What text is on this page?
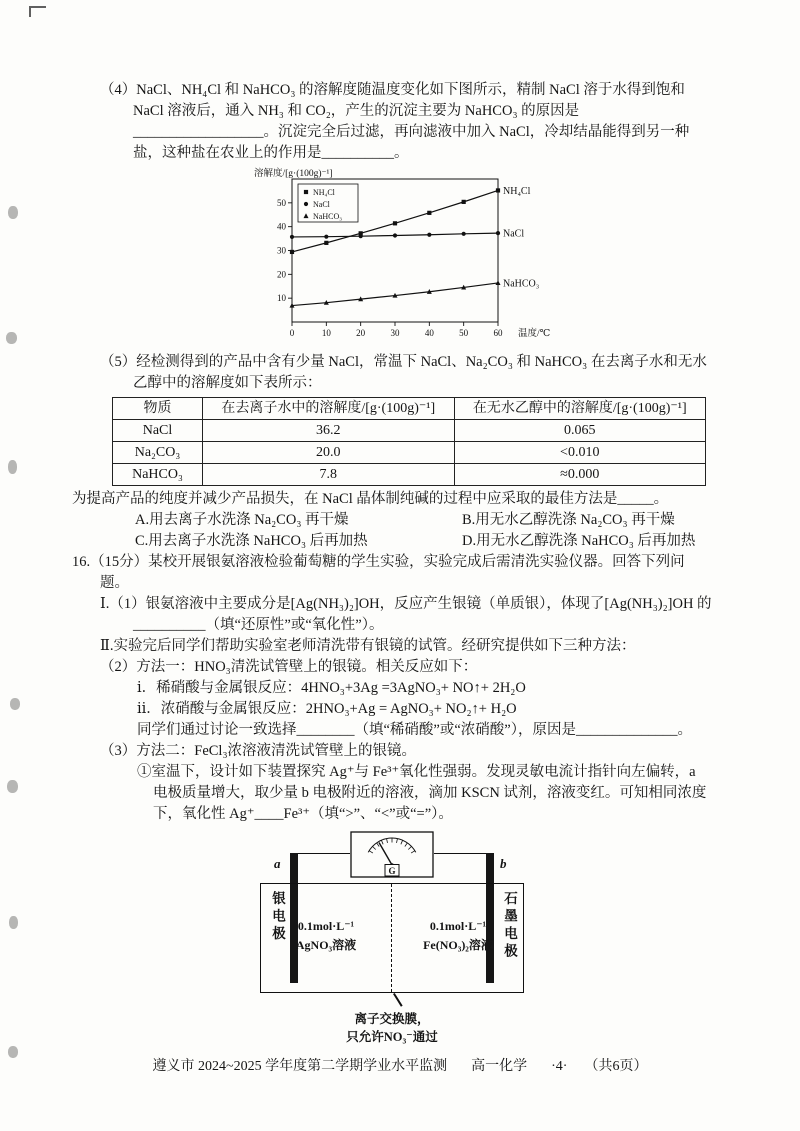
（4）NaCl、NH₄Cl 和 NaHCO₃ 的溶解度随温度变化如下图所示，精制 NaCl 溶于水得到饱和 NaCl 溶液后，通入 NH₃ 和 CO₂，产生的沉淀主要为 NaHCO₃ 的原因是__________________。沉淀完全后过滤，再向滤液中加入 NaCl，冷却结晶能得到另一种盐，这种盐在农业上的作用是__________。

10
20
30
40
50
0	10	20	30	40	50	60
溶解度/[g·(100g)⁻¹]
温度/℃
NH₄Cl
NaCl
NaHCO₃
NH₄Cl
NaCl
NaHCO₃

（5）经检测得到的产品中含有少量 NaCl，常温下 NaCl、Na₂CO₃ 和 NaHCO₃ 在去离子水和无水乙醇中的溶解度如下表所示：

物质	在去离子水中的溶解度/[g·(100g)⁻¹]	在无水乙醇中的溶解度/[g·(100g)⁻¹]
NaCl	36.2	0.065
Na₂CO₃	20.0	<0.010
NaHCO₃	7.8	≈0.000

为提高产品的纯度并减少产品损失，在 NaCl 晶体制纯碱的过程中应采取的最佳方法是_____。

A.用去离子水洗涤 Na₂CO₃ 再干燥	B.用无水乙醇洗涤 Na₂CO₃ 再干燥
C.用去离子水洗涤 NaHCO₃ 后再加热	D.用无水乙醇洗涤 NaHCO₃ 后再加热

16.（15分）某校开展银氨溶液检验葡萄糖的学生实验，实验完成后需清洗实验仪器。回答下列问题。

Ⅰ.（1）银氨溶液中主要成分是[Ag(NH₃)₂]OH，反应产生银镜（单质银），体现了[Ag(NH₃)₂]OH 的__________（填“还原性”或“氧化性”）。

Ⅱ.实验完后同学们帮助实验室老师清洗带有银镜的试管。经研究提供如下三种方法：

（2）方法一：HNO₃清洗试管壁上的银镜。相关反应如下：

ⅰ．稀硝酸与金属银反应：4HNO₃+3Ag =3AgNO₃+ NO↑+ 2H₂O

ⅱ．浓硝酸与金属银反应：2HNO₃+Ag = AgNO₃+ NO₂↑+ H₂O

同学们通过讨论一致选择________（填“稀硝酸”或“浓硝酸”），原因是______________。

（3）方法二：FeCl₃浓溶液清洗试管壁上的银镜。

①室温下，设计如下装置探究 Ag⁺与 Fe³⁺氧化性强弱。发现灵敏电流计指针向左偏转，a 电极质量增大，取少量 b 电极附近的溶液，滴加 KSCN 试剂，溶液变红。可知相同浓度下，氧化性 Ag⁺____Fe³⁺（填“>”、“<”或“=”）。

G
a	b
银电极	石墨电极
0.1mol·L⁻¹
AgNO₃溶液
0.1mol·L⁻¹
Fe(NO₃)₂溶液
离子交换膜，
只允许NO₃⁻通过
遵义市 2024~2025 学年度第二学期学业水平监测 高一化学 ·4· （共6页）
